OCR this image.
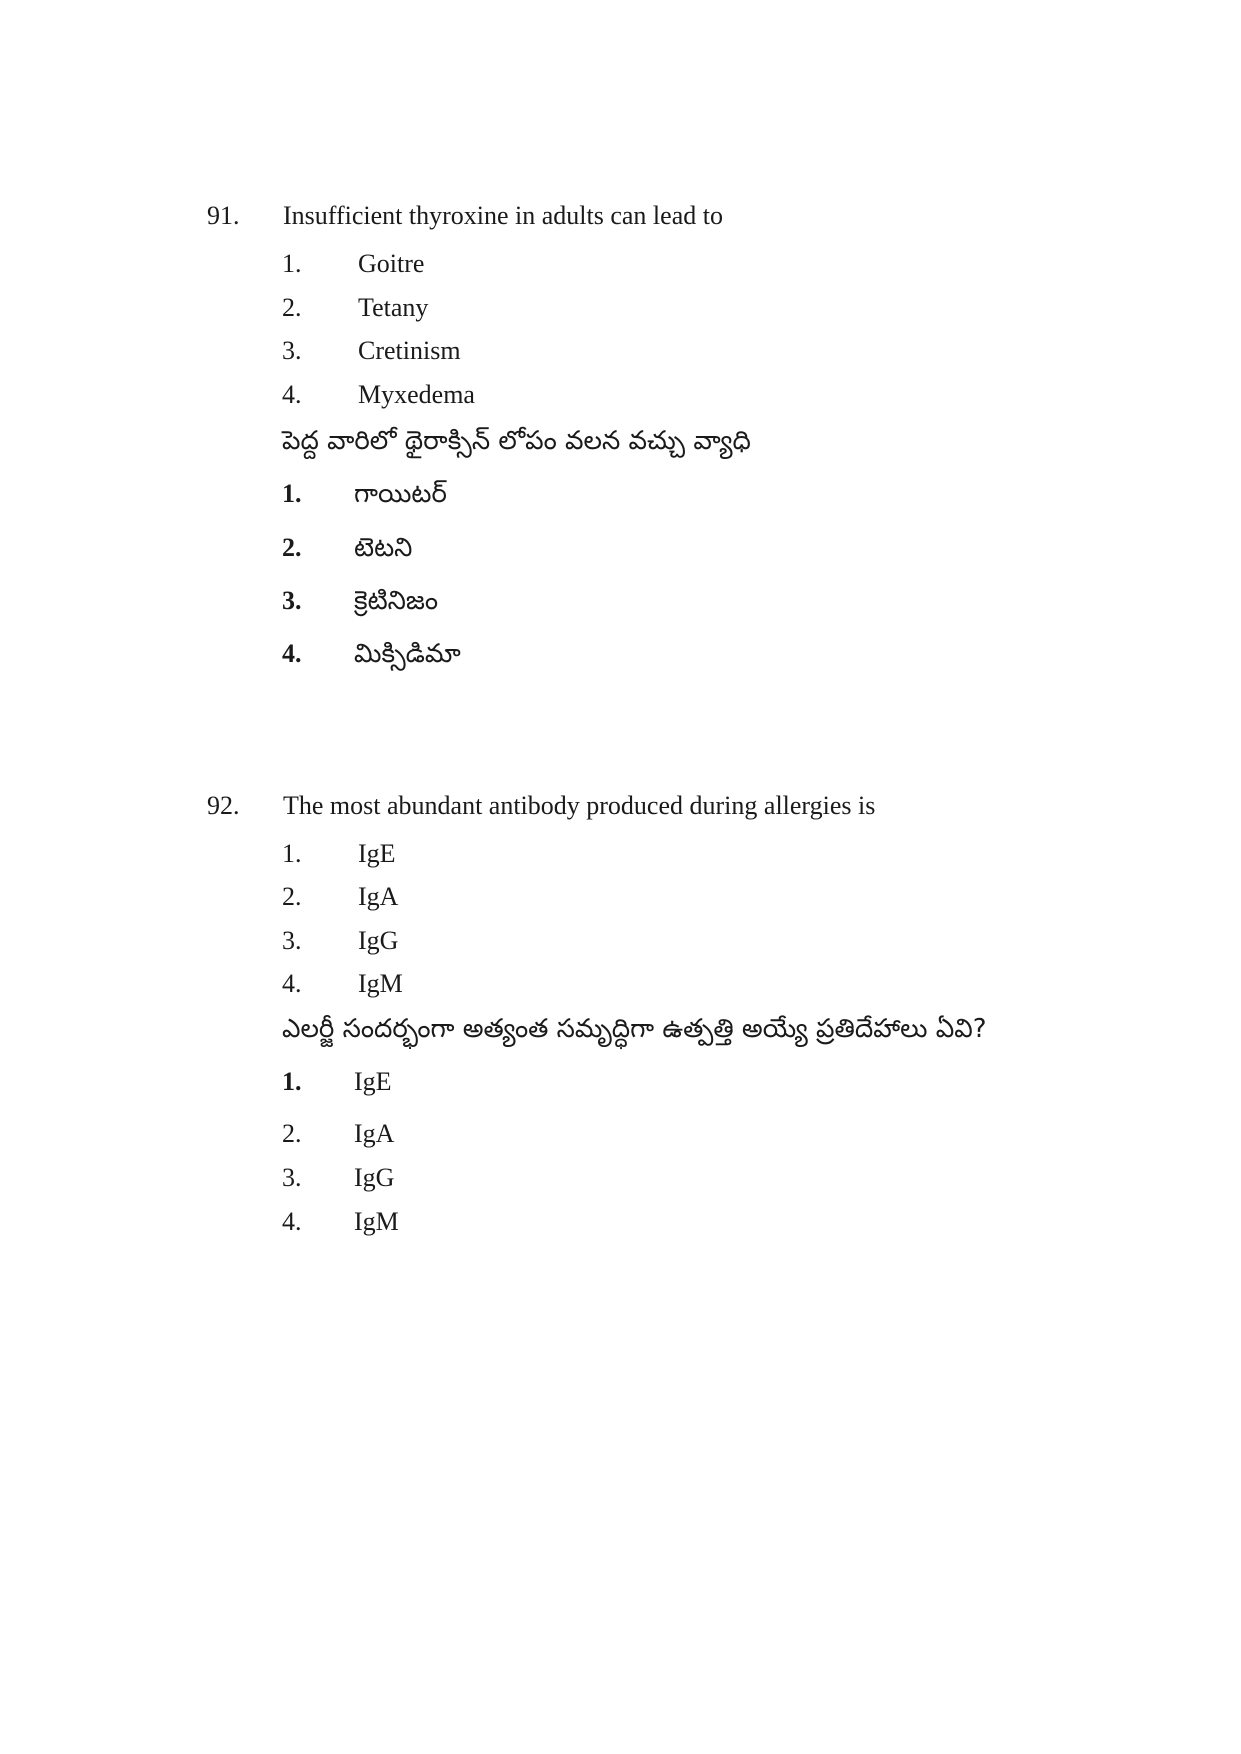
91. Insufficient thyroxine in adults can lead to
1. Goitre
2. Tetany
3. Cretinism
4. Myxedema
పెద్ద వారిలో థైరాక్సిన్ లోపం వలన వచ్చు వ్యాధి
1. గాయిటర్
2. టెటని
3. క్రెటినిజం
4. మిక్సిడిమా
92. The most abundant antibody produced during allergies is
1. IgE
2. IgA
3. IgG
4. IgM
ఎలర్జీ సందర్భంగా అత్యంత సమృద్ధిగా ఉత్పత్తి అయ్యే ప్రతిదేహాలు ఏవి?
1. IgE
2. IgA
3. IgG
4. IgM
